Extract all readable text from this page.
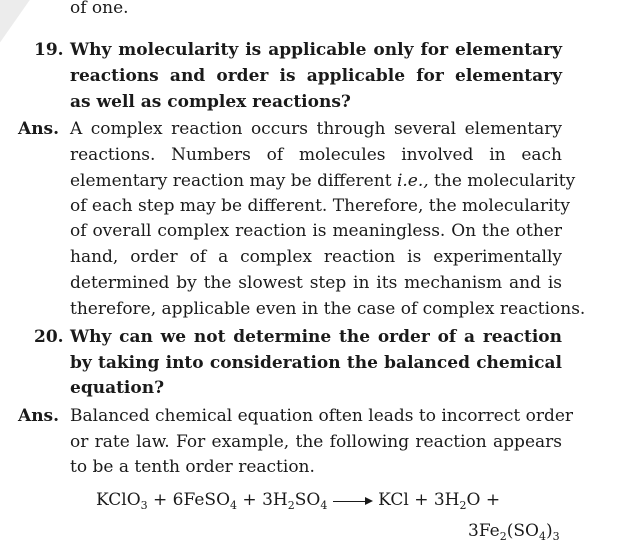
of one.
19. Why molecularity is applicable only for elementary
reactions and order is applicable for elementary
as well as complex reactions?
Ans. A complex reaction occurs through several elementary
reactions. Numbers of molecules involved in each
elementary reaction may be different i.e., the molecularity
of each step may be different. Therefore, the molecularity
of overall complex reaction is meaningless. On the other
hand, order of a complex reaction is experimentally
determined by the slowest step in its mechanism and is
therefore, applicable even in the case of complex reactions.
20. Why can we not determine the order of a reaction
by taking into consideration the balanced chemical
equation?
Ans. Balanced chemical equation often leads to incorrect order
or rate law. For example, the following reaction appears
to be a tenth order reaction.
KClO$_3$ + 6FeSO$_4$ + $3H_2SO_4$	KCl + $3H_2O$ +
$3Fe_2(SO_4)_3$
